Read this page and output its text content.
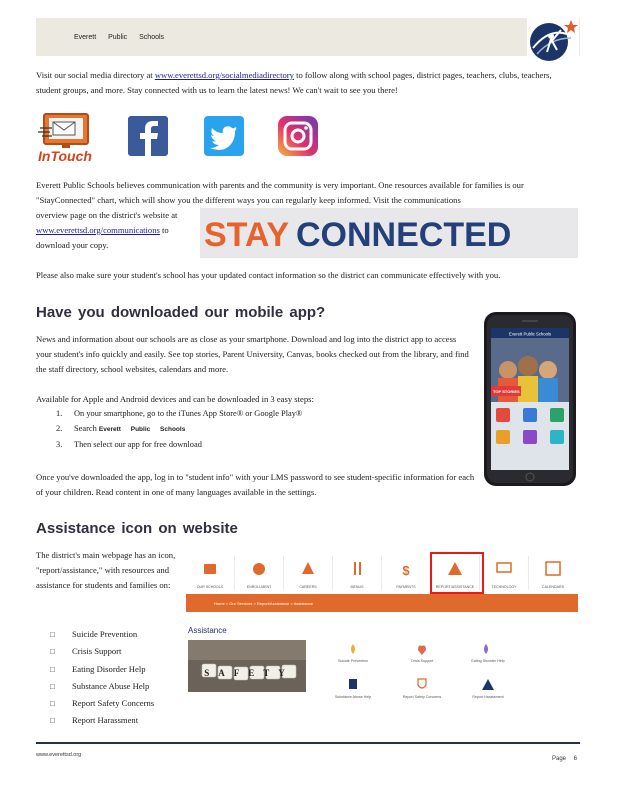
Everett Public Schools
Visit our social media directory at www.everettsd.org/socialmediadirectory to follow along with school pages, district pages, teachers, clubs, teachers, student groups, and more. Stay connected with us to learn the latest news! We can't wait to see you there!
InTouch
Everett Public Schools believes communication with parents and the community is very important. One resources available for families is our "StayConnected" chart, which will show you the different ways you can regularly keep informed. Visit the communications
overview page on the district's website at
www.everettsd.org/communications to
download your copy.	STAY CONNECTED
Please also make sure your student's school has your updated contact information so the district can communicate effectively with you.
Have you downloaded our mobile app?
News and information about our schools are as close as your smartphone. Download and log into the district app to access your student's info quickly and easily. See top stories, Parent University, Canvas, books checked out from the library, and find the staff directory, school websites, calendars and more.
Available for Apple and Android devices and can be downloaded in 3 easy steps:
1. On your smartphone, go to the iTunes App Store® or Google Play®
2. Search Everett Public Schools
3. Then select our app for free download
Once you've downloaded the app, log in to "student info" with your LMS password to see student-specific information for each of your children. Read content in one of many languages available in the settings.
Everett Public Schools
TOP STORIES
Assistance icon on website
The district's main webpage has an icon, "report/assistance," with resources and assistance for students and families on:
□ Suicide Prevention
□ Crisis Support
□ Eating Disorder Help
□ Substance Abuse Help
□ Report Safety Concerns
□ Report Harassment
OUR SCHOOLS	ENROLLMENT	CAREERS	MENUS	PAYMENTS	REPORT/ASSISTANCE	TECHNOLOGY	CALENDARS
$
Home > Our Services > Report/Assistance > Assistance
Assistance
SAFETY
Suicide Prevention	Crisis Support	Eating Disorder Help
Substance Abuse Help	Report Safety Concerns	Report Harassment
www.everettsd.org
Page 6
